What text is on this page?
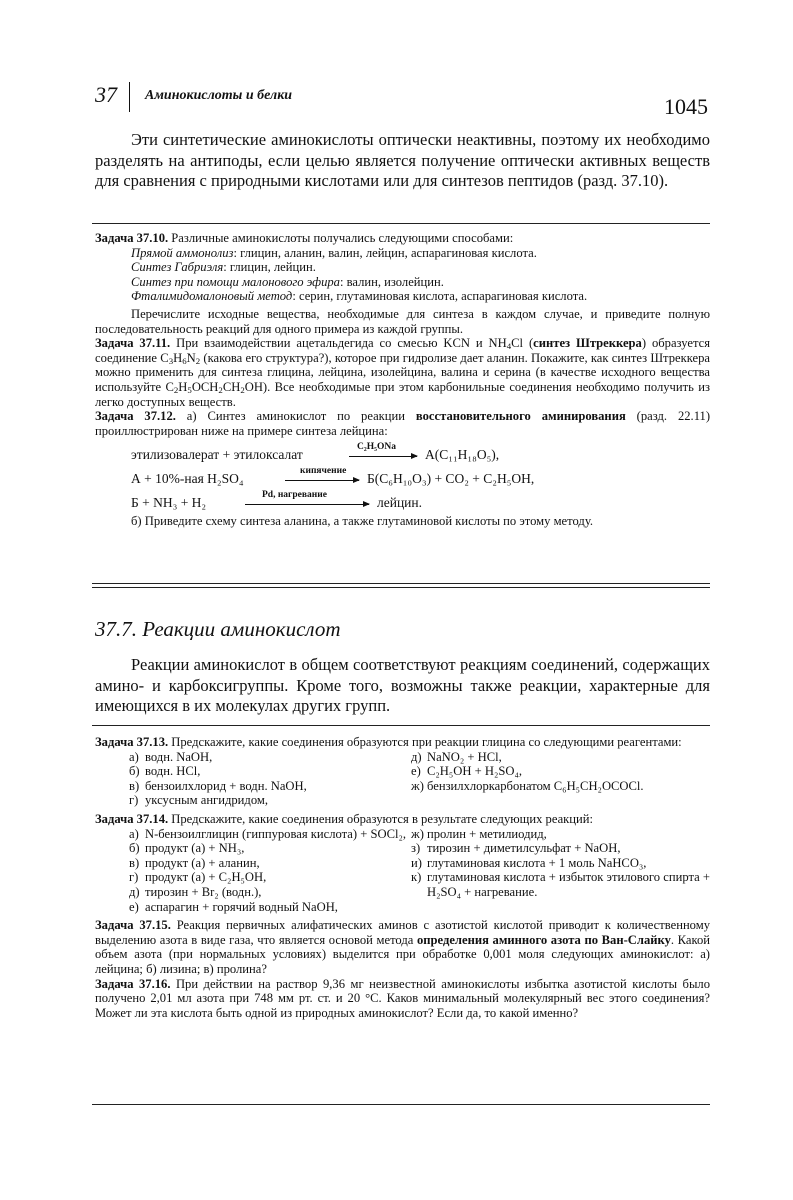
37 Аминокислоты и белки	1045

Эти синтетические аминокислоты оптически неактивны, поэтому их необходимо разделять на антиподы, если целью является получение оптически активных веществ для сравнения с природными кислотами или для синтезов пептидов (разд. 37.10).

Задача 37.10. Различные аминокислоты получались следующими способами:

Прямой аммонолиз: глицин, аланин, валин, лейцин, аспарагиновая кислота.

Синтез Габриэля: глицин, лейцин.

Синтез при помощи малонового эфира: валин, изолейцин.

Фталимидомалоновый метод: серин, глутаминовая кислота, аспарагиновая кислота.

Перечислите исходные вещества, необходимые для синтеза в каждом случае, и приведите полную последовательность реакций для одного примера из каждой группы.

Задача 37.11. При взаимодействии ацетальдегида со смесью KCN и $NH_4Cl$ (синтез Штреккера) образуется соединение $C_3H_6N_2$ (какова его структура?), которое при гидролизе дает аланин. Покажите, как синтез Штреккера можно применить для синтеза глицина, лейцина, изолейцина, валина и серина (в качестве исходного вещества используйте $C_2H_5OCH_2CH_2OH$). Все необходимые при этом карбонильные соединения необходимо получить из легко доступных веществ.

Задача 37.12. а) Синтез аминокислот по реакции восстановительного аминирования (разд. 22.11) проиллюстрирован ниже на примере синтеза лейцина:

этилизовалерат + этилоксалат	C₂H₅ONa А(C₁₁H₁₈O₅),
А + 10%-ная H₂SO₄	кипячение Б(C₆H₁₀O₃) + CO₂ + C₂H₅OH,
Б + NH₃ + H₂	Pd, нагревание	лейцин.

б) Приведите схему синтеза аланина, а также глутаминовой кислоты по этому методу.

37.7. Реакции аминокислот

Реакции аминокислот в общем соответствуют реакциям соединений, содержащих амино- и карбоксигруппы. Кроме того, возможны также реакции, характерные для имеющихся в их молекулах других групп.

Задача 37.13. Предскажите, какие соединения образуются при реакции глицина со следующими реагентами:

а) водн. NaOH,
б) водн. HCl,
в) бензоилхлорид + водн. NaOH,
г) уксусным ангидридом,
д) NaNO₂ + HCl,
е) C₂H₅OH + H₂SO₄,
ж) бензилхлоркарбонатом C₆H₅CH₂OCOCl.

Задача 37.14. Предскажите, какие соединения образуются в результате следующих реакций:

а) N-бензоилглицин (гиппуровая кислота) + SOCl₂,
б) продукт (а) + NH₃,
в) продукт (а) + аланин,
г) продукт (а) + C₂H₅OH,
д) тирозин + Br₂ (водн.),
е) аспарагин + горячий водный NaOH,
ж) пролин + метилиодид,
з) тирозин + диметилсульфат + NaOH,
и) глутаминовая кислота + 1 моль NaHCO₃,
к) глутаминовая кислота + избыток этилового спирта + H₂SO₄ + нагревание.

Задача 37.15. Реакция первичных алифатических аминов с азотистой кислотой приводит к количественному выделению азота в виде газа, что является основой метода определения аминного азота по Ван-Слайку. Какой объем азота (при нормальных условиях) выделится при обработке 0,001 моля следующих аминокислот: а) лейцина; б) лизина; в) пролина?

Задача 37.16. При действии на раствор 9,36 мг неизвестной аминокислоты избытка азотистой кислоты было получено 2,01 мл азота при 748 мм рт. ст. и 20 °C. Каков минимальный молекулярный вес этого соединения? Может ли эта кислота быть одной из природных аминокислот? Если да, то какой именно?
